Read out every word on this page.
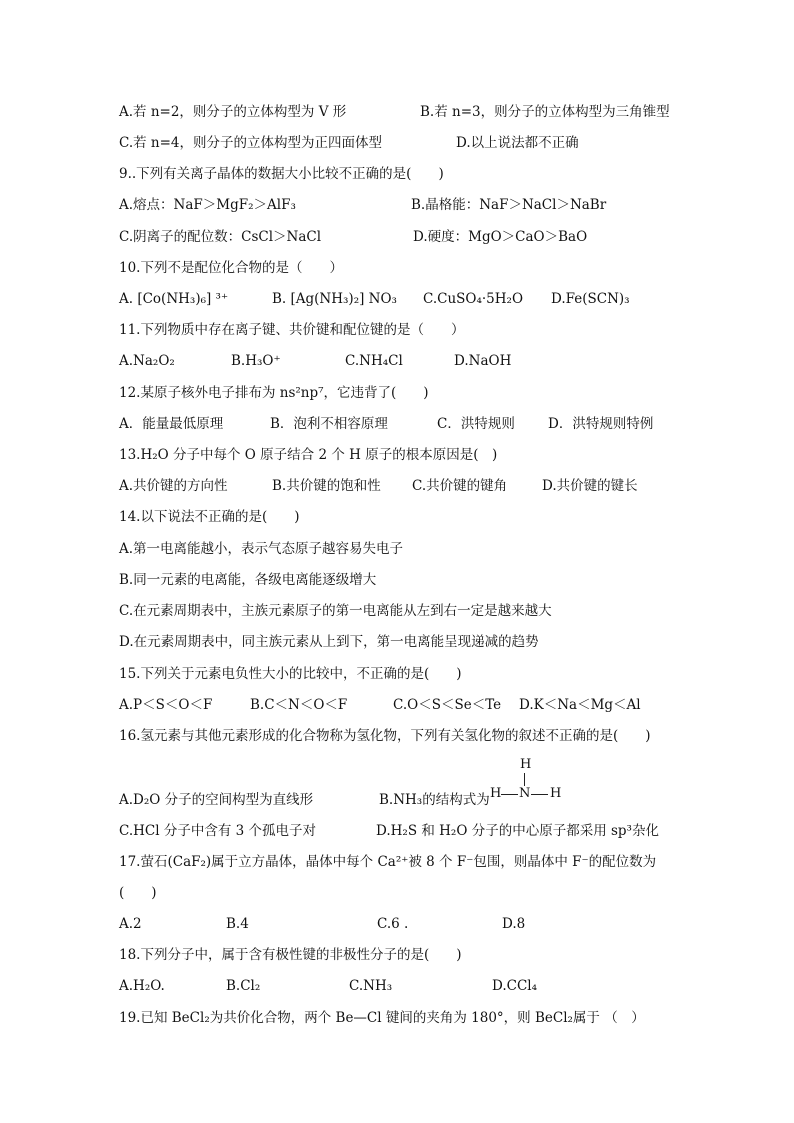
A.若 n=2，则分子的立体构型为 V 形	B.若 n=3，则分子的立体构型为三角锥型
C.若 n=4，则分子的立体构型为正四面体型	D.以上说法都不正确
9..下列有关离子晶体的数据大小比较不正确的是(　　)
A.熔点：NaF＞MgF₂＞AlF₃	B.晶格能：NaF＞NaCl＞NaBr
C.阴离子的配位数：CsCl＞NaCl	D.硬度：MgO＞CaO＞BaO
10.下列不是配位化合物的是（　　）
A. [Co(NH₃)₆] ³⁺	B. [Ag(NH₃)₂] NO₃ C.CuSO₄·5H₂O D.Fe(SCN)₃
11.下列物质中存在离子键、共价键和配位键的是（　　）
A.Na₂O₂	B.H₃O⁺	C.NH₄Cl	D.NaOH
12.某原子核外电子排布为 ns²np⁷，它违背了(　　)
A．能量最低原理	B．泡利不相容原理	C．洪特规则 D．洪特规则特例
13.H₂O 分子中每个 O 原子结合 2 个 H 原子的根本原因是(　)
A.共价键的方向性	B.共价键的饱和性 C.共价键的键角	D.共价键的键长
14.以下说法不正确的是(　　)
A.第一电离能越小，表示气态原子越容易失电子
B.同一元素的电离能，各级电离能逐级增大
C.在元素周期表中，主族元素原子的第一电离能从左到右一定是越来越大
D.在元素周期表中，同主族元素从上到下，第一电离能呈现递减的趋势
15.下列关于元素电负性大小的比较中，不正确的是(　　)
A.P＜S＜O＜F	B.C＜N＜O＜F	C.O＜S＜Se＜Te D.K＜Na＜Mg＜Al
16.氢元素与其他元素形成的化合物称为氢化物，下列有关氢化物的叙述不正确的是(　　)
A.D₂O 分子的空间构型为直线形	B.NH₃的结构式为
H
H N H
C.HCl 分子中含有 3 个孤电子对	D.H₂S 和 H₂O 分子的中心原子都采用 sp³杂化
17.萤石(CaF₂)属于立方晶体，晶体中每个 Ca²⁺被 8 个 F⁻包围，则晶体中 F⁻的配位数为
(　　)
A.2	B.4	C.6 .	D.8
18.下列分子中，属于含有极性键的非极性分子的是(　　)
A.H₂O.	B.Cl₂	C.NH₃	D.CCl₄
19.已知 BeCl₂为共价化合物，两个 Be—Cl 键间的夹角为 180°，则 BeCl₂属于 （　）
